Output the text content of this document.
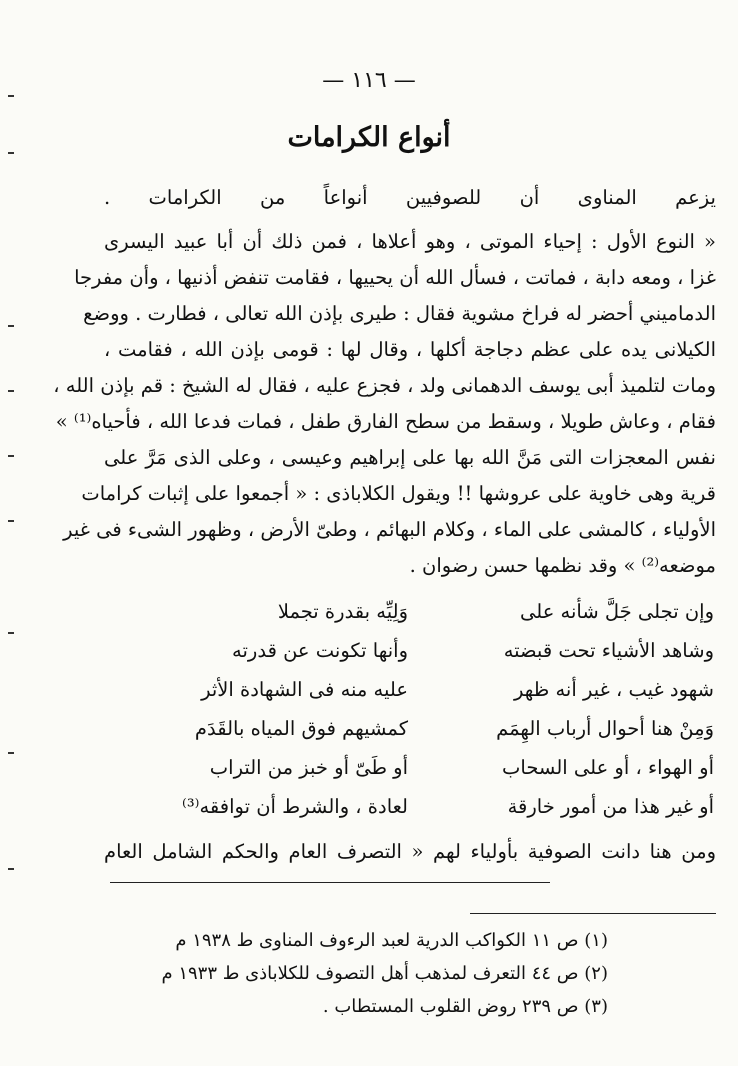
— ١١٦ —
أنواع الكرامات
يزعم المناوى أن للصوفيين أنواعاً من الكرامات .
« النوع الأول : إحياء الموتى ، وهو أعلاها ، فمن ذلك أن أبا عبيد اليسرى
غزا ، ومعه دابة ، فماتت ، فسأل الله أن يحييها ، فقامت تنفض أذنيها ، وأن مفرجا
الدماميني أحضر له فراخ مشوية فقال : طيرى بإذن الله تعالى ، فطارت . ووضع
الكيلانى يده على عظم دجاجة أكلها ، وقال لها : قومى بإذن الله ، فقامت ،
ومات لتلميذ أبى يوسف الدهمانى ولد ، فجزع عليه ، فقال له الشيخ : قم بإذن الله ،
فقام ، وعاش طويلا ، وسقط من سطح الفارق طفل ، فمات فدعا الله ، فأحياه⁽¹⁾ »
نفس المعجزات التى مَنَّ الله بها على إبراهيم وعيسى ، وعلى الذى مَرَّ على
قرية وهى خاوية على عروشها !! ويقول الكلاباذى : « أجمعوا على إثبات كرامات
الأولياء ، كالمشى على الماء ، وكلام البهائم ، وطىّ الأرض ، وظهور الشىء فى غير
موضعه⁽²⁾ » وقد نظمها حسن رضوان .
وإن تجلى جَلَّ شأنه على
وَلِيِّه بقدرة تجملا
وشاهد الأشياء تحت قبضته
وأنها تكونت عن قدرته
شهود غيب ، غير أنه ظهر
عليه منه فى الشهادة الأثر
وَمِنْ هنا أحوال أرباب الهِمَم
كمشيهم فوق المياه بالقَدَم
أو الهواء ، أو على السحاب
أو طَىّ أو خبز من التراب
أو غير هذا من أمور خارقة
لعادة ، والشرط أن توافقه⁽³⁾
ومن هنا دانت الصوفية بأولياء لهم « التصرف العام والحكم الشامل العام
(١) ص ١١ الكواكب الدرية لعبد الرءوف المناوى ط ١٩٣٨ م
(٢) ص ٤٤ التعرف لمذهب أهل التصوف للكلاباذى ط ١٩٣٣ م
(٣) ص ٢٣٩ روض القلوب المستطاب .
